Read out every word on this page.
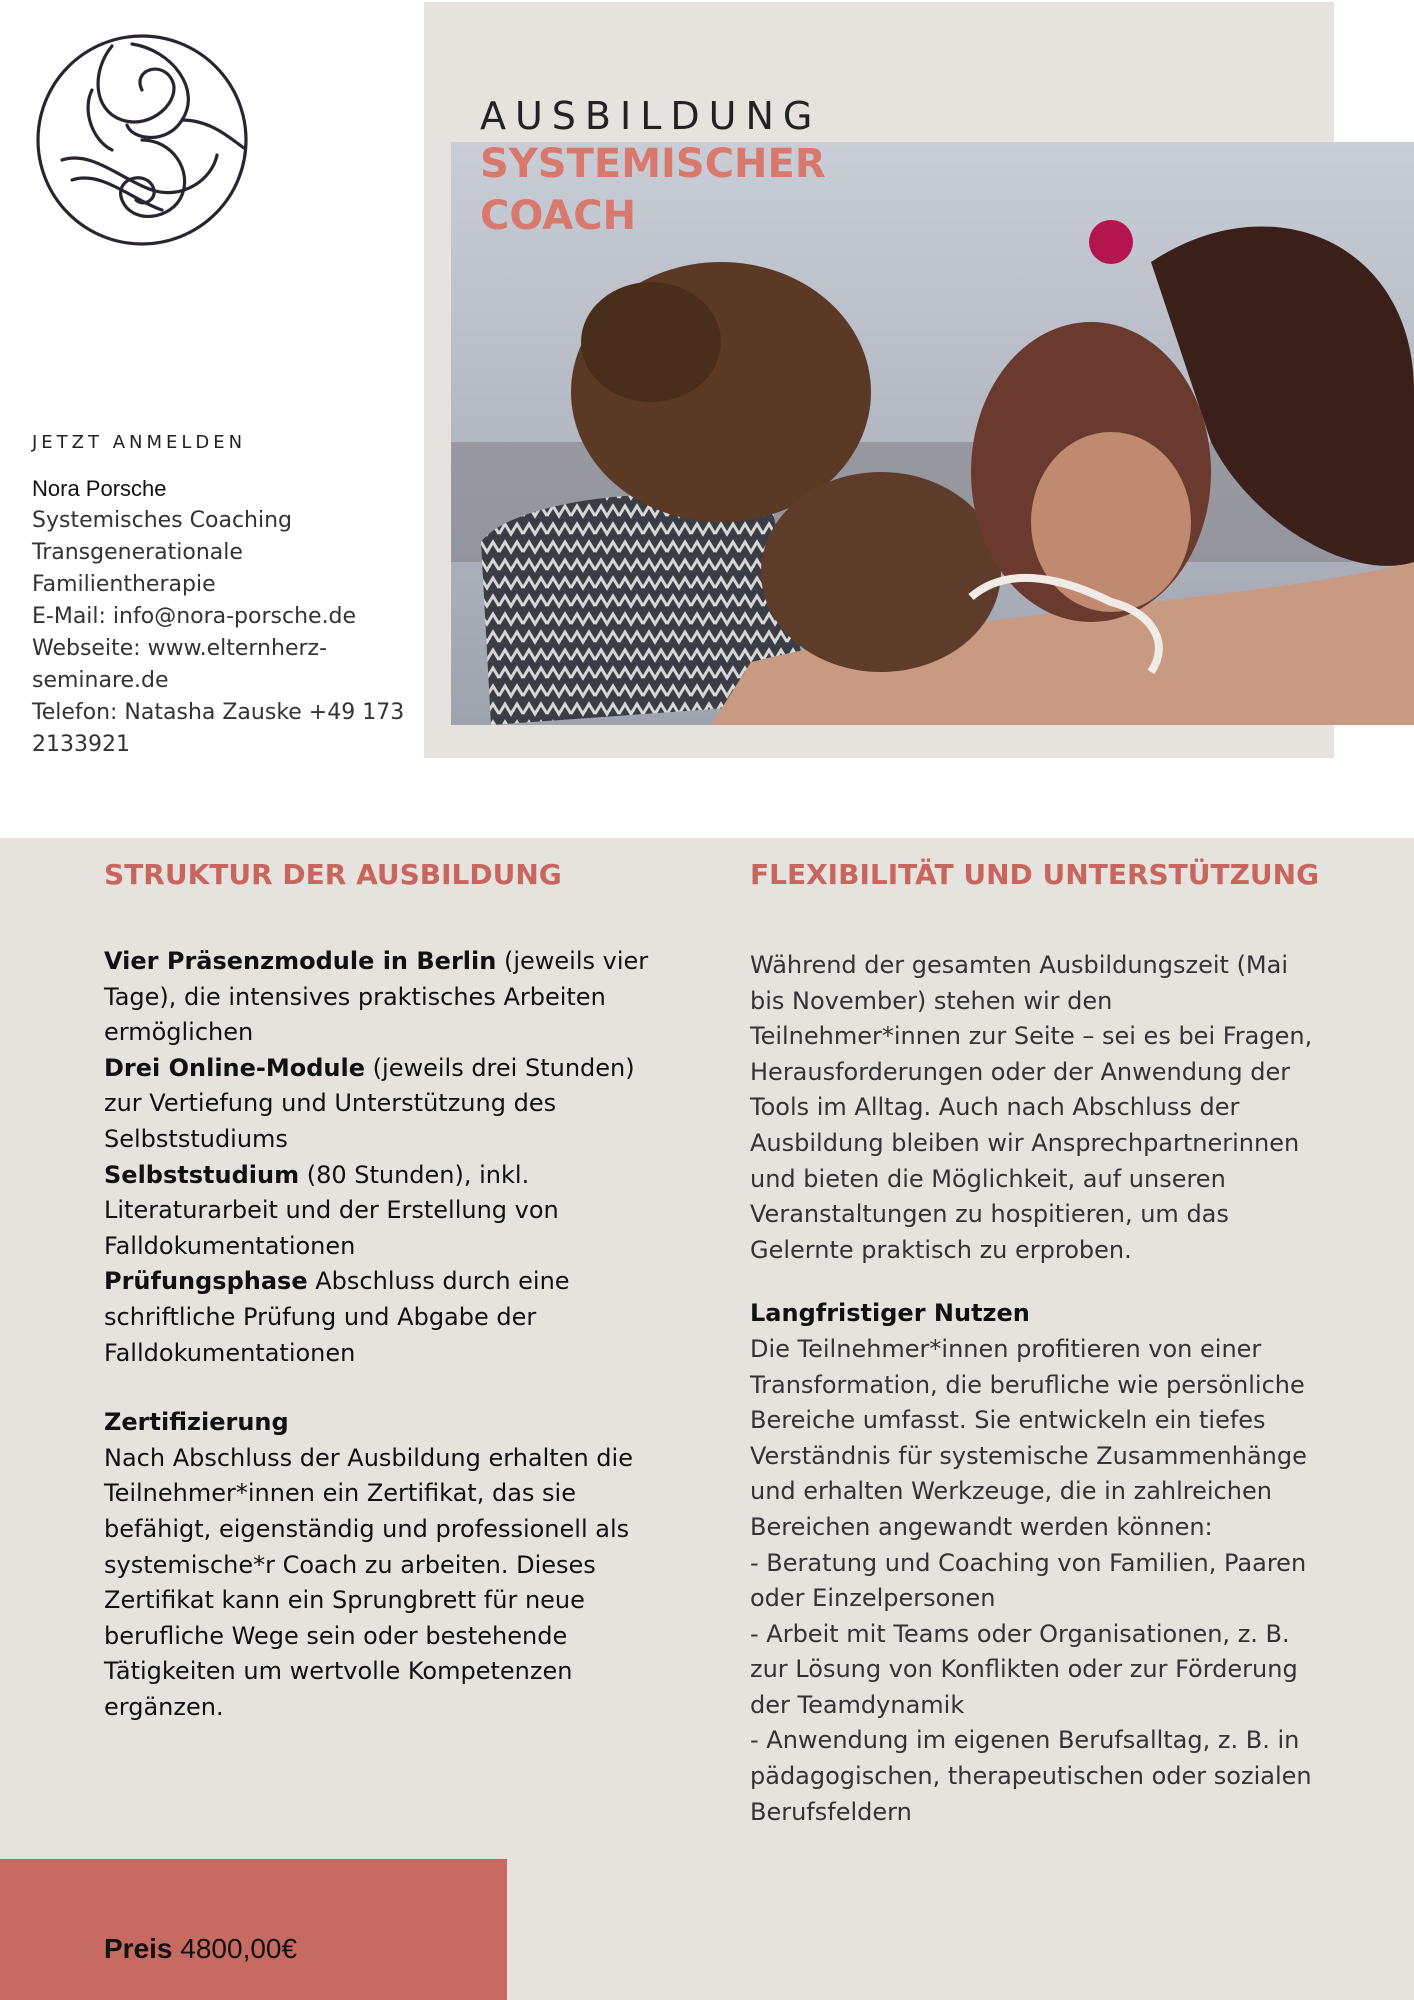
AUSBILDUNG
SYSTEMISCHER
COACH
JETZT ANMELDEN
Nora Porsche
Systemisches Coaching
Transgenerationale
Familientherapie
E-Mail: info@nora-porsche.de
Webseite: www.elternherz-
seminare.de
Telefon: Natasha Zauske +49 173
2133921
STRUKTUR DER AUSBILDUNG	FLEXIBILITÄT UND UNTERSTÜTZUNG

Vier Präsenzmodule in Berlin (jeweils vier Tage), die intensives praktisches Arbeiten ermöglichen

Drei Online-Module (jeweils drei Stunden) zur Vertiefung und Unterstützung des Selbststudiums

Selbststudium (80 Stunden), inkl. Literaturarbeit und der Erstellung von Falldokumentationen

Prüfungsphase Abschluss durch eine schriftliche Prüfung und Abgabe der Falldokumentationen

Zertifizierung

Nach Abschluss der Ausbildung erhalten die Teilnehmer*innen ein Zertifikat, das sie befähigt, eigenständig und professionell als systemische*r Coach zu arbeiten. Dieses Zertifikat kann ein Sprungbrett für neue berufliche Wege sein oder bestehende Tätigkeiten um wertvolle Kompetenzen ergänzen.

Während der gesamten Ausbildungszeit (Mai bis November) stehen wir den Teilnehmer*innen zur Seite – sei es bei Fragen, Herausforderungen oder der Anwendung der Tools im Alltag. Auch nach Abschluss der Ausbildung bleiben wir Ansprechpartnerinnen und bieten die Möglichkeit, auf unseren Veranstaltungen zu hospitieren, um das Gelernte praktisch zu erproben.

Langfristiger Nutzen

Die Teilnehmer*innen profitieren von einer Transformation, die berufliche wie persönliche Bereiche umfasst. Sie entwickeln ein tiefes Verständnis für systemische Zusammenhänge und erhalten Werkzeuge, die in zahlreichen Bereichen angewandt werden können:

- Beratung und Coaching von Familien, Paaren oder Einzelpersonen

- Arbeit mit Teams oder Organisationen, z. B. zur Lösung von Konflikten oder zur Förderung der Teamdynamik

- Anwendung im eigenen Berufsalltag, z. B. in pädagogischen, therapeutischen oder sozialen Berufsfeldern

Preis 4800,00€
